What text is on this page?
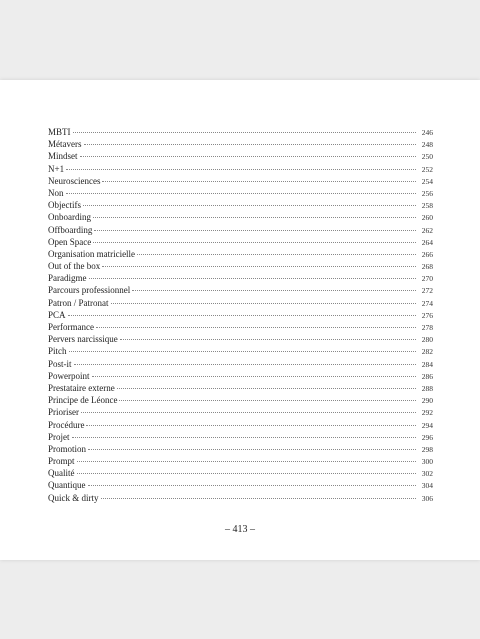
MBTI	246
Métavers	248
Mindset	250
N+1	252
Neurosciences	254
Non	256
Objectifs	258
Onboarding	260
Offboarding	262
Open Space	264
Organisation matricielle	266
Out of the box	268
Paradigme	270
Parcours professionnel	272
Patron / Patronat	274
PCA	276
Performance	278
Pervers narcissique	280
Pitch	282
Post-it	284
Powerpoint	286
Prestataire externe	288
Principe de Léonce	290
Prioriser	292
Procédure	294
Projet	296
Promotion	298
Prompt	300
Qualité	302
Quantique	304
Quick & dirty	306
– 413 –
